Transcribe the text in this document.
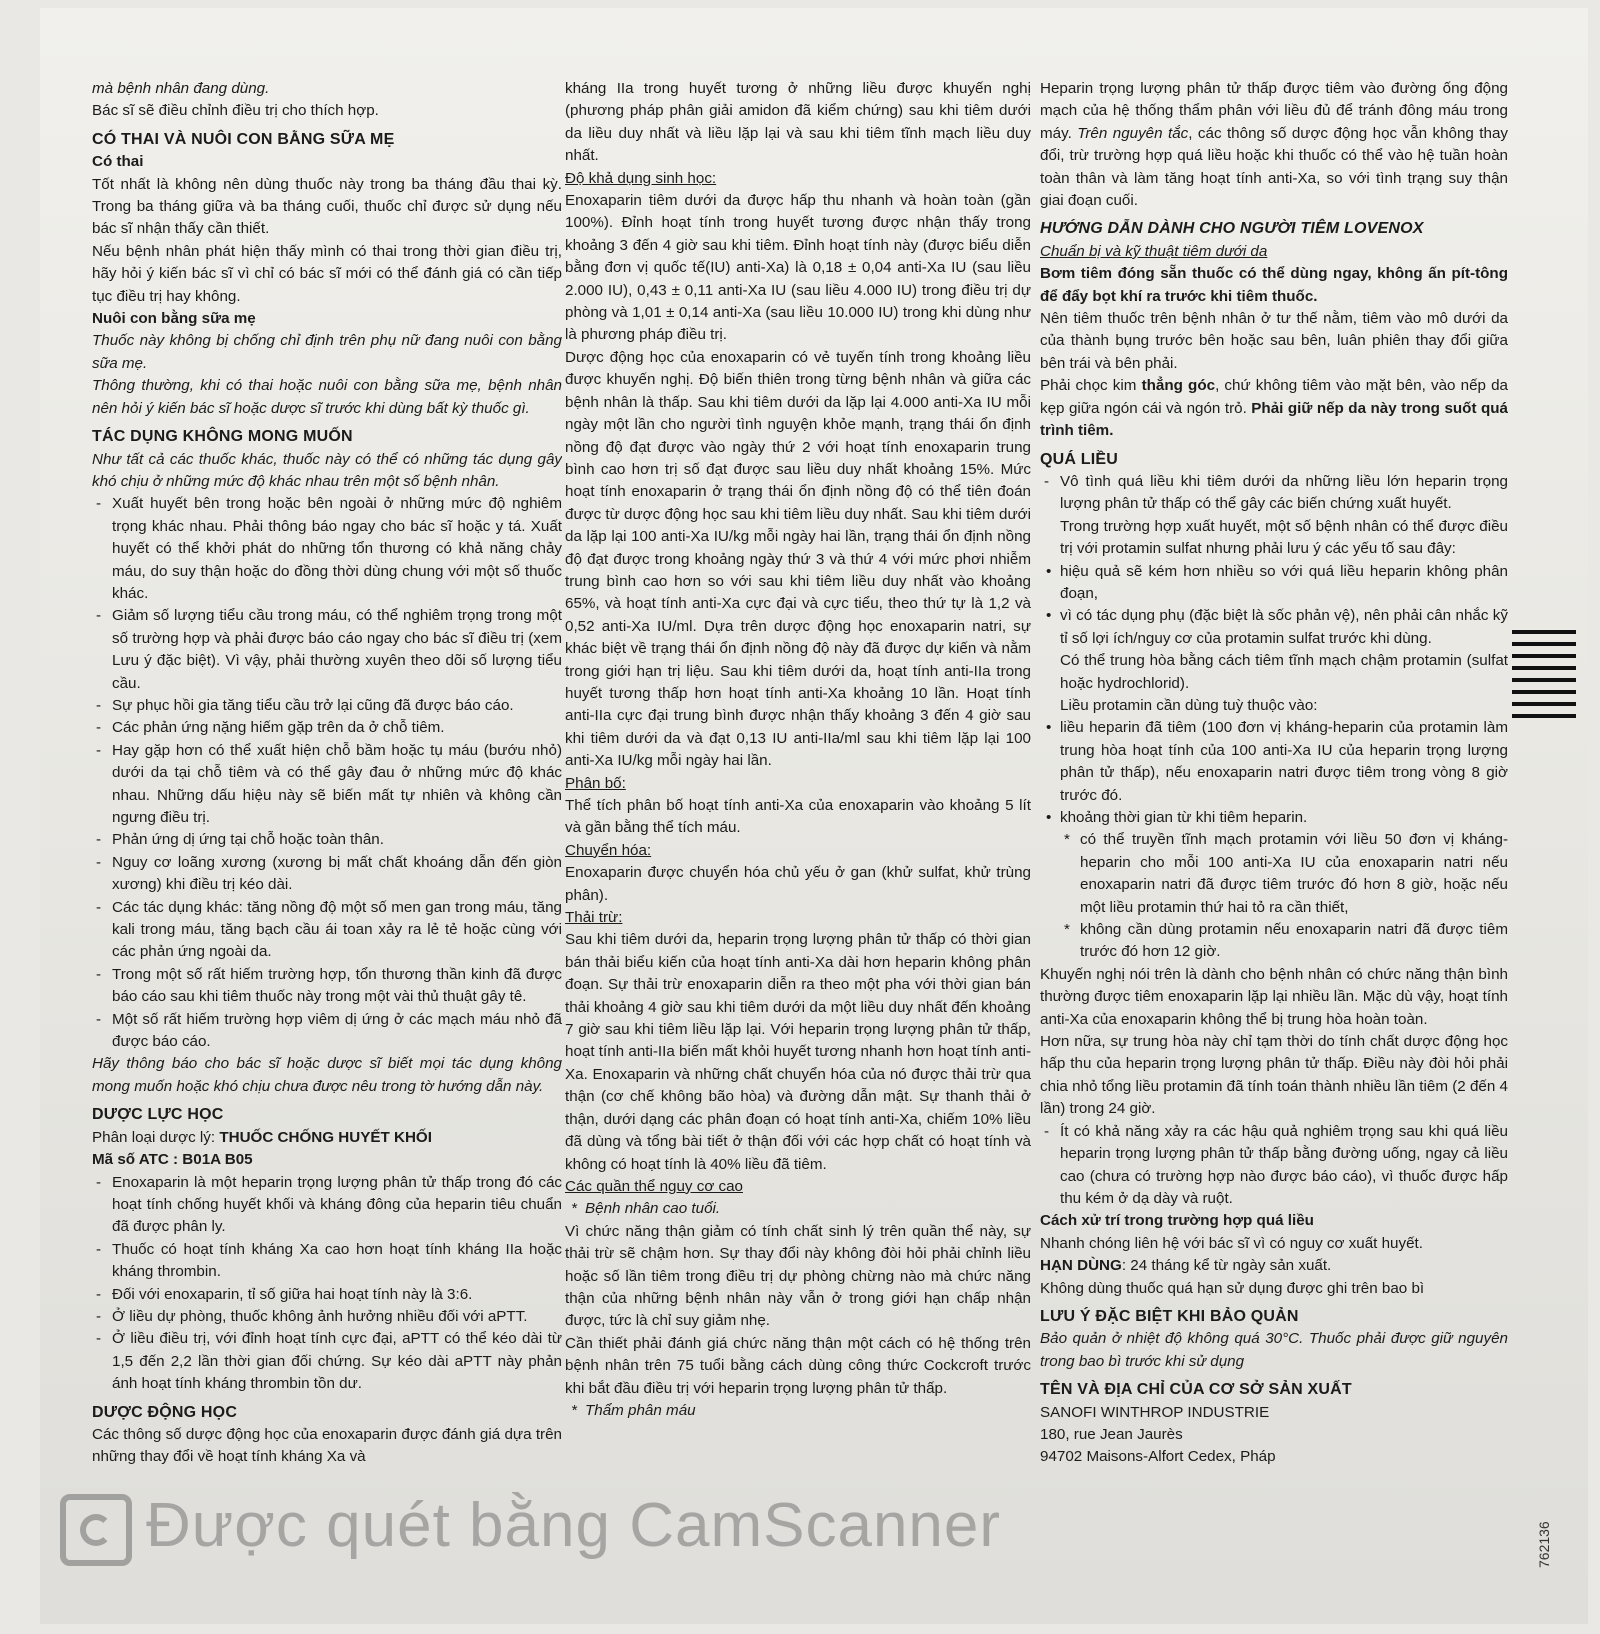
mà bệnh nhân đang dùng.

Bác sĩ sẽ điều chỉnh điều trị cho thích hợp.

CÓ THAI VÀ NUÔI CON BẰNG SỮA MẸ
Có thai

Tốt nhất là không nên dùng thuốc này trong ba tháng đầu thai kỳ. Trong ba tháng giữa và ba tháng cuối, thuốc chỉ được sử dụng nếu bác sĩ nhận thấy cần thiết.

Nếu bệnh nhân phát hiện thấy mình có thai trong thời gian điều trị, hãy hỏi ý kiến bác sĩ vì chỉ có bác sĩ mới có thể đánh giá có cần tiếp tục điều trị hay không.

Nuôi con bằng sữa mẹ

Thuốc này không bị chống chỉ định trên phụ nữ đang nuôi con bằng sữa mẹ.

Thông thường, khi có thai hoặc nuôi con bằng sữa mẹ, bệnh nhân nên hỏi ý kiến bác sĩ hoặc dược sĩ trước khi dùng bất kỳ thuốc gì.

TÁC DỤNG KHÔNG MONG MUỐN

Như tất cả các thuốc khác, thuốc này có thể có những tác dụng gây khó chịu ở những mức độ khác nhau trên một số bệnh nhân.

- Xuất huyết bên trong hoặc bên ngoài ở những mức độ nghiêm trọng khác nhau. Phải thông báo ngay cho bác sĩ hoặc y tá. Xuất huyết có thể khởi phát do những tổn thương có khả năng chảy máu, do suy thận hoặc do đồng thời dùng chung với một số thuốc khác.
- Giảm số lượng tiểu cầu trong máu, có thể nghiêm trọng trong một số trường hợp và phải được báo cáo ngay cho bác sĩ điều trị (xem Lưu ý đặc biệt). Vì vậy, phải thường xuyên theo dõi số lượng tiểu cầu.
- Sự phục hồi gia tăng tiểu cầu trở lại cũng đã được báo cáo.
- Các phản ứng nặng hiếm gặp trên da ở chỗ tiêm.
- Hay gặp hơn có thể xuất hiện chỗ bầm hoặc tụ máu (bướu nhỏ) dưới da tại chỗ tiêm và có thể gây đau ở những mức độ khác nhau. Những dấu hiệu này sẽ biến mất tự nhiên và không cần ngưng điều trị.
- Phản ứng dị ứng tại chỗ hoặc toàn thân.
- Nguy cơ loãng xương (xương bị mất chất khoáng dẫn đến giòn xương) khi điều trị kéo dài.
- Các tác dụng khác: tăng nồng độ một số men gan trong máu, tăng kali trong máu, tăng bạch cầu ái toan xảy ra lẻ tẻ hoặc cùng với các phản ứng ngoài da.
- Trong một số rất hiếm trường hợp, tổn thương thần kinh đã được báo cáo sau khi tiêm thuốc này trong một vài thủ thuật gây tê.
- Một số rất hiếm trường hợp viêm dị ứng ở các mạch máu nhỏ đã được báo cáo.

Hãy thông báo cho bác sĩ hoặc dược sĩ biết mọi tác dụng không mong muốn hoặc khó chịu chưa được nêu trong tờ hướng dẫn này.

DƯỢC LỰC HỌC

Phân loại dược lý: THUỐC CHỐNG HUYẾT KHỐI

Mã số ATC : B01A B05

- Enoxaparin là một heparin trọng lượng phân tử thấp trong đó các hoạt tính chống huyết khối và kháng đông của heparin tiêu chuẩn đã được phân ly.
- Thuốc có hoạt tính kháng Xa cao hơn hoạt tính kháng IIa hoặc kháng thrombin.
- Đối với enoxaparin, tỉ số giữa hai hoạt tính này là 3:6.
- Ở liều dự phòng, thuốc không ảnh hưởng nhiều đối với aPTT.
- Ở liều điều trị, với đỉnh hoạt tính cực đại, aPTT có thể kéo dài từ 1,5 đến 2,2 lần thời gian đối chứng. Sự kéo dài aPTT này phản ánh hoạt tính kháng thrombin tồn dư.
DƯỢC ĐỘNG HỌC

Các thông số dược động học của enoxaparin được đánh giá dựa trên những thay đổi về hoạt tính kháng Xa và

kháng IIa trong huyết tương ở những liều được khuyến nghị (phương pháp phân giải amidon đã kiểm chứng) sau khi tiêm dưới da liều duy nhất và liều lặp lại và sau khi tiêm tĩnh mạch liều duy nhất.

Độ khả dụng sinh học:

Enoxaparin tiêm dưới da được hấp thu nhanh và hoàn toàn (gần 100%). Đỉnh hoạt tính trong huyết tương được nhận thấy trong khoảng 3 đến 4 giờ sau khi tiêm. Đỉnh hoạt tính này (được biểu diễn bằng đơn vị quốc tế(IU) anti-Xa) là 0,18 ± 0,04 anti-Xa IU (sau liều 2.000 IU), 0,43 ± 0,11 anti-Xa IU (sau liều 4.000 IU) trong điều trị dự phòng và 1,01 ± 0,14 anti-Xa (sau liều 10.000 IU) trong khi dùng như là phương pháp điều trị.

Dược động học của enoxaparin có vẻ tuyến tính trong khoảng liều được khuyến nghị. Độ biến thiên trong từng bệnh nhân và giữa các bệnh nhân là thấp. Sau khi tiêm dưới da lặp lại 4.000 anti-Xa IU mỗi ngày một lần cho người tình nguyện khỏe mạnh, trạng thái ổn định nồng độ đạt được vào ngày thứ 2 với hoạt tính enoxaparin trung bình cao hơn trị số đạt được sau liều duy nhất khoảng 15%. Mức hoạt tính enoxaparin ở trạng thái ổn định nồng độ có thể tiên đoán được từ dược động học sau khi tiêm liều duy nhất. Sau khi tiêm dưới da lặp lại 100 anti-Xa IU/kg mỗi ngày hai lần, trạng thái ổn định nồng độ đạt được trong khoảng ngày thứ 3 và thứ 4 với mức phơi nhiễm trung bình cao hơn so với sau khi tiêm liều duy nhất vào khoảng 65%, và hoạt tính anti-Xa cực đại và cực tiểu, theo thứ tự là 1,2 và 0,52 anti-Xa IU/ml. Dựa trên dược động học enoxaparin natri, sự khác biệt về trạng thái ổn định nồng độ này đã được dự kiến và nằm trong giới hạn trị liệu. Sau khi tiêm dưới da, hoạt tính anti-IIa trong huyết tương thấp hơn hoạt tính anti-Xa khoảng 10 lần. Hoạt tính anti-IIa cực đại trung bình được nhận thấy khoảng 3 đến 4 giờ sau khi tiêm dưới da và đạt 0,13 IU anti-IIa/ml sau khi tiêm lặp lại 100 anti-Xa IU/kg mỗi ngày hai lần.

Phân bố:

Thể tích phân bố hoạt tính anti-Xa của enoxaparin vào khoảng 5 lít và gần bằng thể tích máu.

Chuyển hóa:

Enoxaparin được chuyển hóa chủ yếu ở gan (khử sulfat, khử trùng phân).

Thải trừ:

Sau khi tiêm dưới da, heparin trọng lượng phân tử thấp có thời gian bán thải biểu kiến của hoạt tính anti-Xa dài hơn heparin không phân đoạn. Sự thải trừ enoxaparin diễn ra theo một pha với thời gian bán thải khoảng 4 giờ sau khi tiêm dưới da một liều duy nhất đến khoảng 7 giờ sau khi tiêm liều lặp lại. Với heparin trọng lượng phân tử thấp, hoạt tính anti-IIa biến mất khỏi huyết tương nhanh hơn hoạt tính anti-Xa. Enoxaparin và những chất chuyển hóa của nó được thải trừ qua thận (cơ chế không bão hòa) và đường dẫn mật. Sự thanh thải ở thận, dưới dạng các phân đoạn có hoạt tính anti-Xa, chiếm 10% liều đã dùng và tổng bài tiết ở thận đối với các hợp chất có hoạt tính và không có hoạt tính là 40% liều đã tiêm.

Các quần thể nguy cơ cao

* Bệnh nhân cao tuổi.

Vì chức năng thận giảm có tính chất sinh lý trên quần thể này, sự thải trừ sẽ chậm hơn. Sự thay đổi này không đòi hỏi phải chỉnh liều hoặc số lần tiêm trong điều trị dự phòng chừng nào mà chức năng thận của những bệnh nhân này vẫn ở trong giới hạn chấp nhận được, tức là chỉ suy giảm nhẹ.

Cần thiết phải đánh giá chức năng thận một cách có hệ thống trên bệnh nhân trên 75 tuổi bằng cách dùng công thức Cockcroft trước khi bắt đầu điều trị với heparin trọng lượng phân tử thấp.

* Thẩm phân máu

Heparin trọng lượng phân tử thấp được tiêm vào đường ống động mạch của hệ thống thẩm phân với liều đủ để tránh đông máu trong máy. Trên nguyên tắc, các thông số dược động học vẫn không thay đổi, trừ trường hợp quá liều hoặc khi thuốc có thể vào hệ tuần hoàn toàn thân và làm tăng hoạt tính anti-Xa, so với tình trạng suy thận giai đoạn cuối.

HƯỚNG DẪN DÀNH CHO NGƯỜI TIÊM LOVENOX

Chuẩn bị và kỹ thuật tiêm dưới da

Bơm tiêm đóng sẵn thuốc có thể dùng ngay, không ấn pít-tông để đẩy bọt khí ra trước khi tiêm thuốc.

Nên tiêm thuốc trên bệnh nhân ở tư thế nằm, tiêm vào mô dưới da của thành bụng trước bên hoặc sau bên, luân phiên thay đổi giữa bên trái và bên phải.

Phải chọc kim thẳng góc, chứ không tiêm vào mặt bên, vào nếp da kẹp giữa ngón cái và ngón trỏ. Phải giữ nếp da này trong suốt quá trình tiêm.

QUÁ LIỀU
- Vô tình quá liều khi tiêm dưới da những liều lớn heparin trọng lượng phân tử thấp có thể gây các biến chứng xuất huyết.

Trong trường hợp xuất huyết, một số bệnh nhân có thể được điều trị với protamin sulfat nhưng phải lưu ý các yếu tố sau đây:

• hiệu quả sẽ kém hơn nhiều so với quá liều heparin không phân đoạn,
• vì có tác dụng phụ (đặc biệt là sốc phản vệ), nên phải cân nhắc kỹ tỉ số lợi ích/nguy cơ của protamin sulfat trước khi dùng.

Có thể trung hòa bằng cách tiêm tĩnh mạch chậm protamin (sulfat hoặc hydrochlorid).

Liều protamin cần dùng tuỳ thuộc vào:

• liều heparin đã tiêm (100 đơn vị kháng-heparin của protamin làm trung hòa hoạt tính của 100 anti-Xa IU của heparin trọng lượng phân tử thấp), nếu enoxaparin natri được tiêm trong vòng 8 giờ trước đó.
• khoảng thời gian từ khi tiêm heparin.
* có thể truyền tĩnh mạch protamin với liều 50 đơn vị kháng-heparin cho mỗi 100 anti-Xa IU của enoxaparin natri nếu enoxaparin natri đã được tiêm trước đó hơn 8 giờ, hoặc nếu một liều protamin thứ hai tỏ ra cần thiết,
* không cần dùng protamin nếu enoxaparin natri đã được tiêm trước đó hơn 12 giờ.

Khuyến nghị nói trên là dành cho bệnh nhân có chức năng thận bình thường được tiêm enoxaparin lặp lại nhiều lần. Mặc dù vậy, hoạt tính anti-Xa của enoxaparin không thể bị trung hòa hoàn toàn.

Hơn nữa, sự trung hòa này chỉ tạm thời do tính chất dược động học hấp thu của heparin trọng lượng phân tử thấp. Điều này đòi hỏi phải chia nhỏ tổng liều protamin đã tính toán thành nhiều lần tiêm (2 đến 4 lần) trong 24 giờ.

- Ít có khả năng xảy ra các hậu quả nghiêm trọng sau khi quá liều heparin trọng lượng phân tử thấp bằng đường uống, ngay cả liều cao (chưa có trường hợp nào được báo cáo), vì thuốc được hấp thu kém ở dạ dày và ruột.
Cách xử trí trong trường hợp quá liều

Nhanh chóng liên hệ với bác sĩ vì có nguy cơ xuất huyết.

HẠN DÙNG: 24 tháng kể từ ngày sản xuất.

Không dùng thuốc quá hạn sử dụng được ghi trên bao bì

LƯU Ý ĐẶC BIỆT KHI BẢO QUẢN

Bảo quản ở nhiệt độ không quá 30°C. Thuốc phải được giữ nguyên trong bao bì trước khi sử dụng

TÊN VÀ ĐỊA CHỈ CỦA CƠ SỞ SẢN XUẤT

SANOFI WINTHROP INDUSTRIE

180, rue Jean Jaurès

94702 Maisons-Alfort Cedex, Pháp

762136
Được quét bằng CamScanner
